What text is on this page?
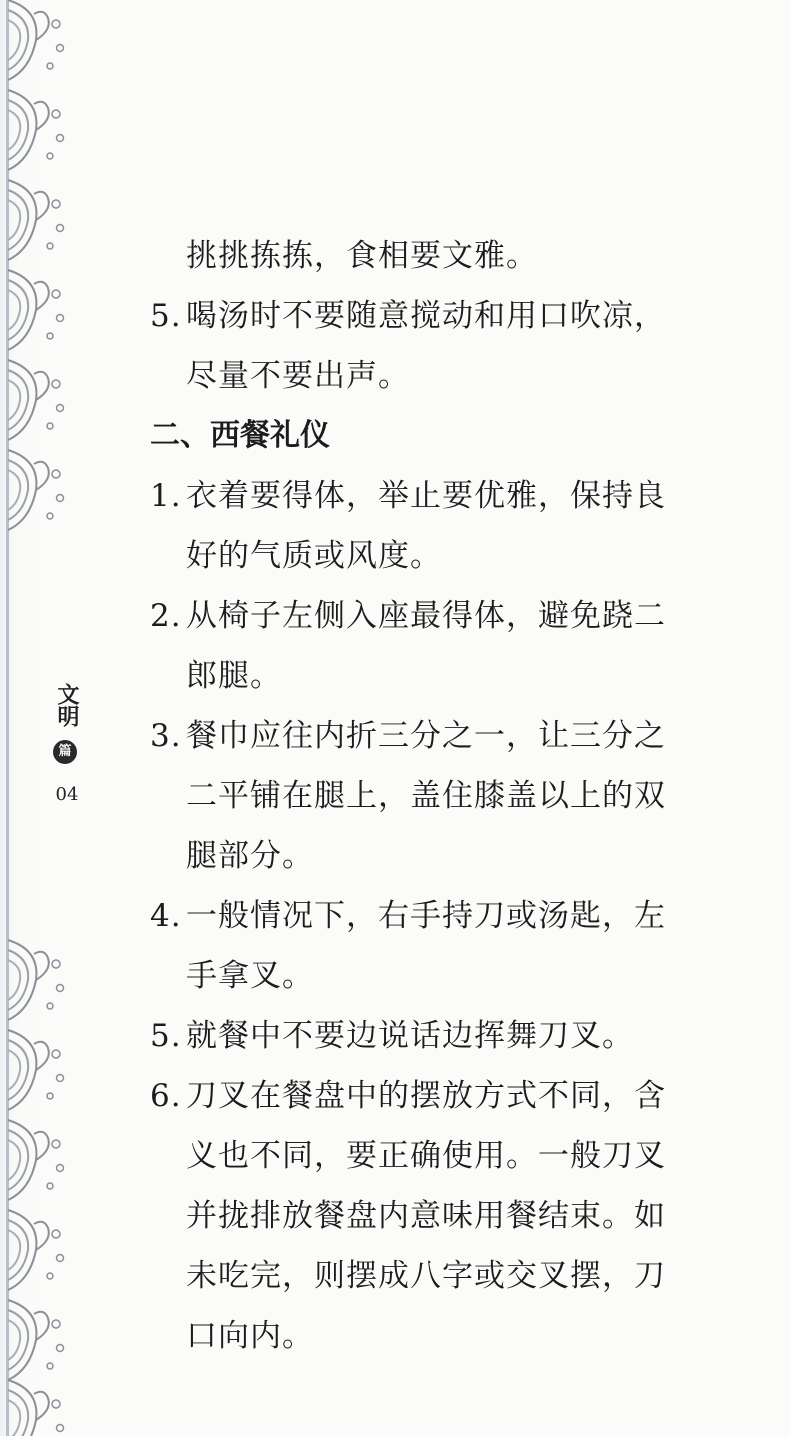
文明
篇
04
挑挑拣拣，食相要文雅。
5. 喝汤时不要随意搅动和用口吹凉，
尽量不要出声。
二、西餐礼仪
1. 衣着要得体，举止要优雅，保持良
好的气质或风度。
2. 从椅子左侧入座最得体，避免跷二
郎腿。
3. 餐巾应往内折三分之一，让三分之
二平铺在腿上，盖住膝盖以上的双
腿部分。
4. 一般情况下，右手持刀或汤匙，左
手拿叉。
5. 就餐中不要边说话边挥舞刀叉。
6. 刀叉在餐盘中的摆放方式不同，含
义也不同，要正确使用。一般刀叉
并拢排放餐盘内意味用餐结束。如
未吃完，则摆成八字或交叉摆，刀
口向内。
